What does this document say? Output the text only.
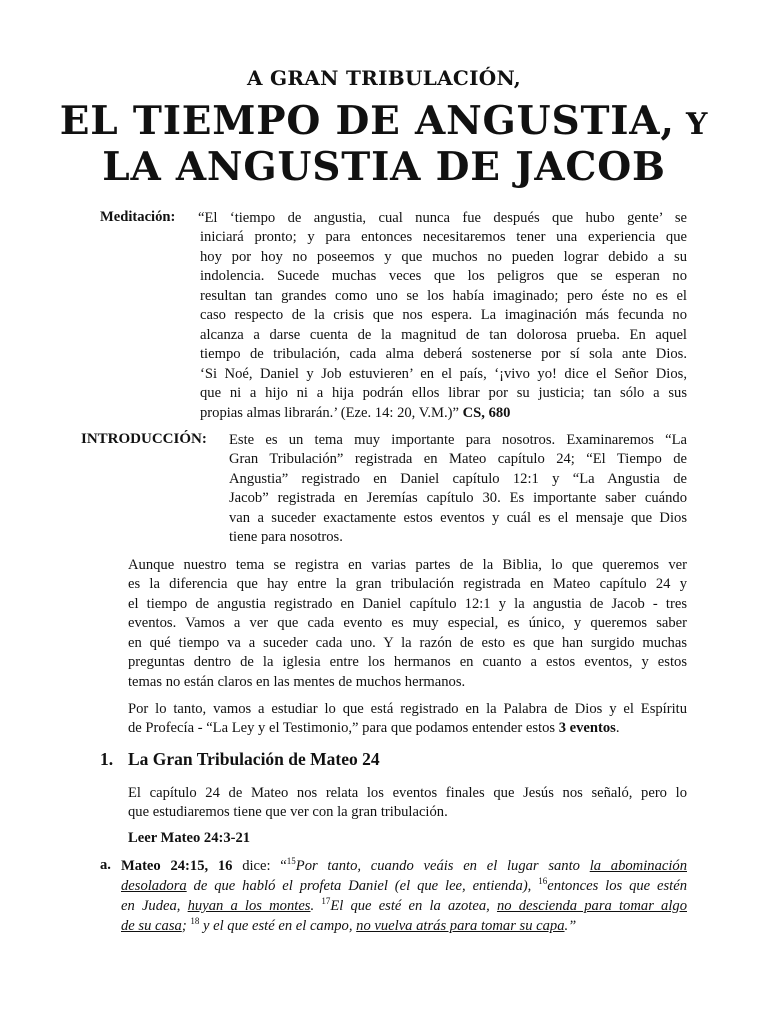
A GRAN TRIBULACIÓN,
EL TIEMPO DE ANGUSTIA, Y
LA ANGUSTIA DE JACOB
Meditación: “El ‘tiempo de angustia, cual nunca fue después que hubo gente’ se
iniciará pronto; y para entonces necesitaremos tener una experiencia que
hoy por hoy no poseemos y que muchos no pueden lograr debido a su
indolencia. Sucede muchas veces que los peligros que se esperan no
resultan tan grandes como uno se los había imaginado; pero éste no es el
caso respecto de la crisis que nos espera. La imaginación más fecunda no
alcanza a darse cuenta de la magnitud de tan dolorosa prueba. En aquel
tiempo de tribulación, cada alma deberá sostenerse por sí sola ante Dios.
‘Si Noé, Daniel y Job estuvieren’ en el país, ‘¡vivo yo! dice el Señor Dios,
que ni a hijo ni a hija podrán ellos librar por su justicia; tan sólo a sus
propias almas librarán.’ (Eze. 14: 20, V.M.)” CS, 680
INTRODUCCIÓN: Este es un tema muy importante para nosotros. Examinaremos “La
Gran Tribulación” registrada en Mateo capítulo 24; “El Tiempo de
Angustia” registrado en Daniel capítulo 12:1 y “La Angustia de
Jacob” registrada en Jeremías capítulo 30. Es importante saber cuándo
van a suceder exactamente estos eventos y cuál es el mensaje que Dios
tiene para nosotros.
Aunque nuestro tema se registra en varias partes de la Biblia, lo que queremos ver
es la diferencia que hay entre la gran tribulación registrada en Mateo capítulo 24 y
el tiempo de angustia registrado en Daniel capítulo 12:1 y la angustia de Jacob - tres
eventos. Vamos a ver que cada evento es muy especial, es único, y queremos saber
en qué tiempo va a suceder cada uno. Y la razón de esto es que han surgido muchas
preguntas dentro de la iglesia entre los hermanos en cuanto a estos eventos, y estos
temas no están claros en las mentes de muchos hermanos.
Por lo tanto, vamos a estudiar lo que está registrado en la Palabra de Dios y el Espíritu
de Profecía - “La Ley y el Testimonio,” para que podamos entender estos 3 eventos.
1. La Gran Tribulación de Mateo 24
El capítulo 24 de Mateo nos relata los eventos finales que Jesús nos señaló, pero lo
que estudiaremos tiene que ver con la gran tribulación.
Leer Mateo 24:3-21
a. Mateo 24:15, 16 dice: “$^{15}$Por tanto, cuando veáis en el lugar santo la abominación
desoladora de que habló el profeta Daniel (el que lee, entienda), $^{16}$entonces los que estén
en Judea, huyan a los montes. $^{17}$El que esté en la azotea, no descienda para tomar algo
de su casa; $^{18}$ y el que esté en el campo, no vuelva atrás para tomar su capa.”
